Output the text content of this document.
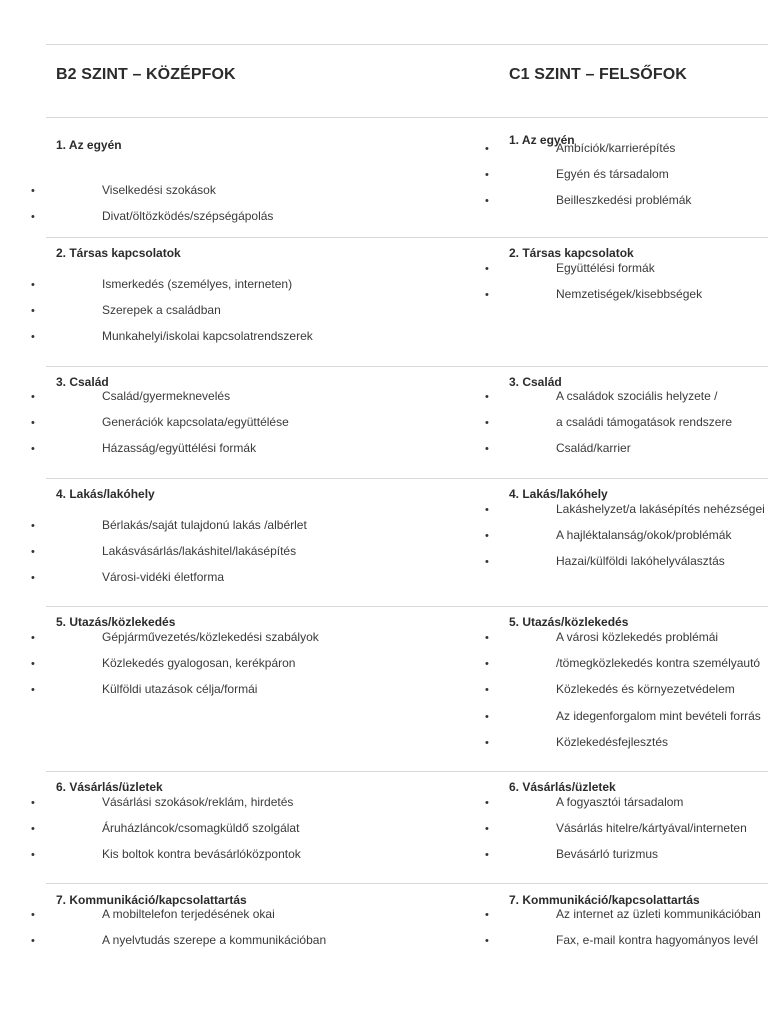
B2 SZINT – KÖZÉPFOK
1. Az egyén
•	Viselkedési szokások
•	Divat/öltözködés/szépségápolás
2. Társas kapcsolatok
•	Ismerkedés (személyes, interneten)
•	Szerepek a családban
•	Munkahelyi/iskolai kapcsolatrendszerek
3. Család
•	Család/gyermeknevelés
•	Generációk kapcsolata/együttélése
•	Házasság/együttélési formák
4. Lakás/lakóhely
•	Bérlakás/saját tulajdonú lakás /albérlet
•	Lakásvásárlás/lakáshitel/lakásépítés
•	Városi-vidéki életforma
5. Utazás/közlekedés
•	Gépjárművezetés/közlekedési szabályok
•	Közlekedés gyalogosan, kerékpáron
•	Külföldi utazások célja/formái
6. Vásárlás/üzletek
•	Vásárlási szokások/reklám, hirdetés
•	Áruházláncok/csomagküldő szolgálat
•	Kis boltok kontra bevásárlóközpontok
7. Kommunikáció/kapcsolattartás
•	A mobiltelefon terjedésének okai
•	A nyelvtudás szerepe a kommunikációban
C1 SZINT – FELSŐFOK
1. Az egyén
•	Ambíciók/karrierépítés
•	Egyén és társadalom
•	Beilleszkedési problémák
2. Társas kapcsolatok
•	Együttélési formák
•	Nemzetiségek/kisebbségek
3. Család
•	A családok szociális helyzete /
•	a családi támogatások rendszere
•	Család/karrier
4. Lakás/lakóhely
•	Lakáshelyzet/a lakásépítés nehézségei
•	A hajléktalanság/okok/problémák
•	Hazai/külföldi lakóhelyválasztás
5. Utazás/közlekedés
•	A városi közlekedés problémái
•	/tömegközlekedés kontra személyautó
•	Közlekedés és környezetvédelem
•	Az idegenforgalom mint bevételi forrás
•	Közlekedésfejlesztés
6. Vásárlás/üzletek
•	A fogyasztói társadalom
•	Vásárlás hitelre/kártyával/interneten
•	Bevásárló turizmus
7. Kommunikáció/kapcsolattartás
•	Az internet az üzleti kommunikációban
•	Fax, e-mail kontra hagyományos levél
